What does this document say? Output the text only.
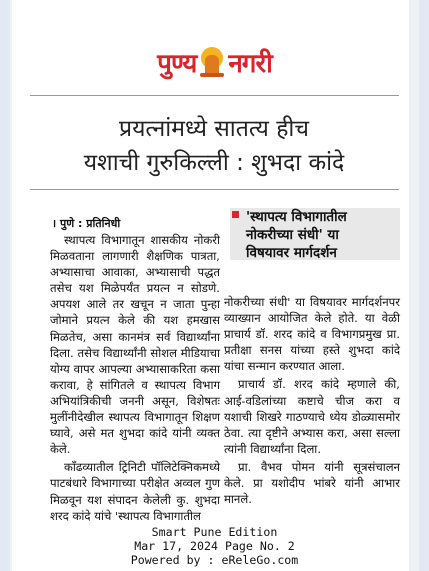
पुण्य नगरी
प्रयत्नांमध्ये सातत्य हीच
यशाची गुरुकिल्ली : शुभदा कांदे
। पुणे : प्रतिनिधी

स्थापत्य विभागातून शासकीय नोकरी मिळवताना लागणारी शैक्षणिक पात्रता, अभ्यासाचा आवाका, अभ्यासाची पद्धत तसेच यश मिळेपर्यंत प्रयत्न न सोडणे. अपयश आले तर खचून न जाता पुन्हा जोमाने प्रयत्न केले की यश हमखास मिळतेच, असा कानमंत्र सर्व विद्यार्थ्यांना दिला. तसेच विद्यार्थ्यांनी सोशल मीडियाचा योग्य वापर आपल्या अभ्यासाकरिता कसा करावा, हे सांगितले व स्थापत्य विभाग अभियांत्रिकीची जननी असून, विशेषतः मुलींनीदेखील स्थापत्य विभागातून शिक्षण घ्यावे, असे मत शुभदा कांदे यांनी व्यक्त केले.

कॉंढव्यातील ट्रिनिटी पॉलिटेक्निकमध्ये पाटबंधारे विभागाच्या परीक्षेत अव्वल गुण मिळवून यश संपादन केलेली कु. शुभदा शरद कांदे यांचे 'स्थापत्य विभागातील

'स्थापत्य विभागातील
नोकरीच्या संधी' या
विषयावर मार्गदर्शन

नोकरीच्या संधी' या विषयावर मार्गदर्शनपर व्याख्यान आयोजित केले होते. या वेळी प्राचार्य डॉ. शरद कांदे व विभागप्रमुख प्रा. प्रतीक्षा सनस यांच्या हस्ते शुभदा कांदे यांचा सन्मान करण्यात आला.

प्राचार्य डॉ. शरद कांदे म्हणाले की, आई-वडिलांच्या कष्टाचे चीज करा व यशाची शिखरे गाठण्याचे ध्येय डोळ्यासमोर ठेवा. त्या दृष्टीने अभ्यास करा, असा सल्ला त्यांनी विद्यार्थ्यांना दिला.

प्रा. वैभव पोमन यांनी सूत्रसंचालन केले. प्रा यशोदीप भांबरे यांनी आभार मानले.

Smart Pune Edition
Mar 17, 2024 Page No. 2
Powered by : eReleGo.com
